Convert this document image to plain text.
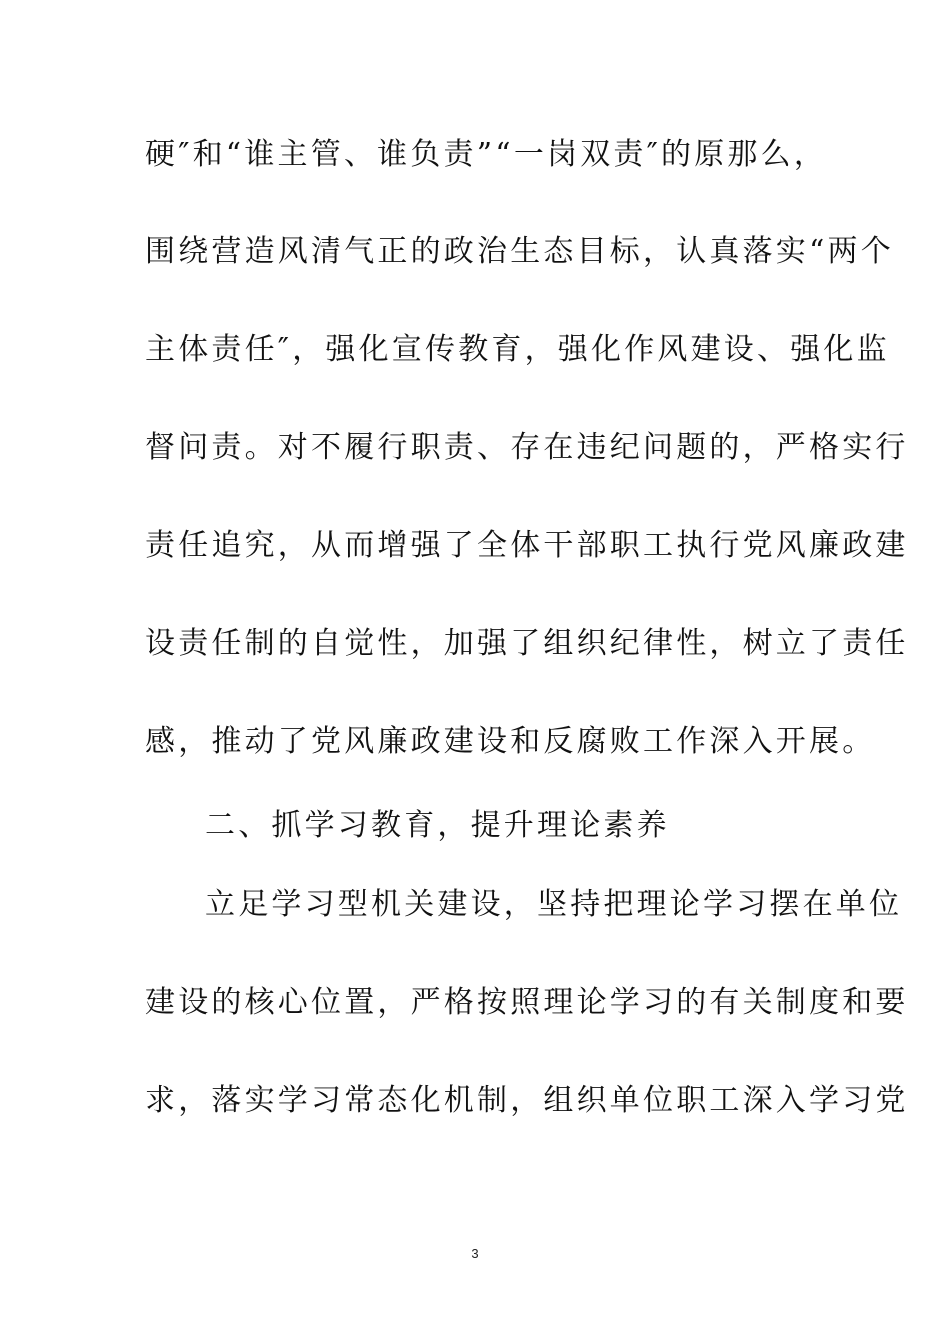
硬″和“谁主管、谁负责”“一岗双责″的原那么，
围绕营造风清气正的政治生态目标，认真落实“两个
主体责任″，强化宣传教育，强化作风建设、强化监
督问责。对不履行职责、存在违纪问题的，严格实行
责任追究，从而增强了全体干部职工执行党风廉政建
设责任制的自觉性，加强了组织纪律性，树立了责任
感，推动了党风廉政建设和反腐败工作深入开展。
二、抓学习教育，提升理论素养
立足学习型机关建设，坚持把理论学习摆在单位
建设的核心位置，严格按照理论学习的有关制度和要
求，落实学习常态化机制，组织单位职工深入学习党
3
